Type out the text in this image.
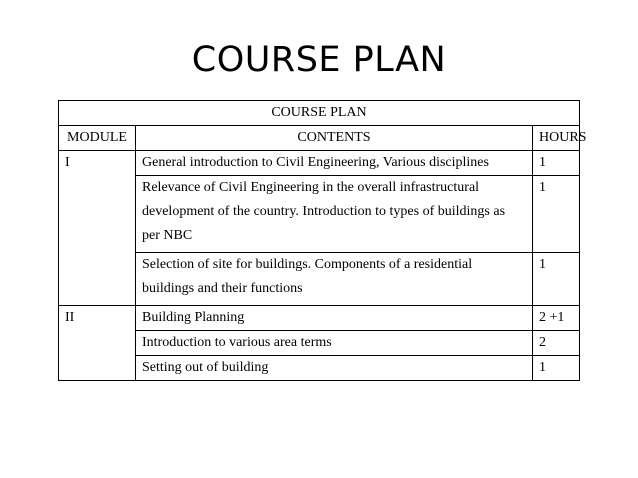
COURSE PLAN
COURSE PLAN		
MODULE	CONTENTS	HOURS
I	General introduction to Civil Engineering, Various disciplines	1
	Relevance of Civil Engineering in the overall infrastructural development of the country. Introduction to types of buildings as per NBC	1
	Selection of site for buildings. Components of a residential buildings and their functions	1
II	Building Planning	2 +1
	Introduction to various area terms	2
	Setting out of building	1
